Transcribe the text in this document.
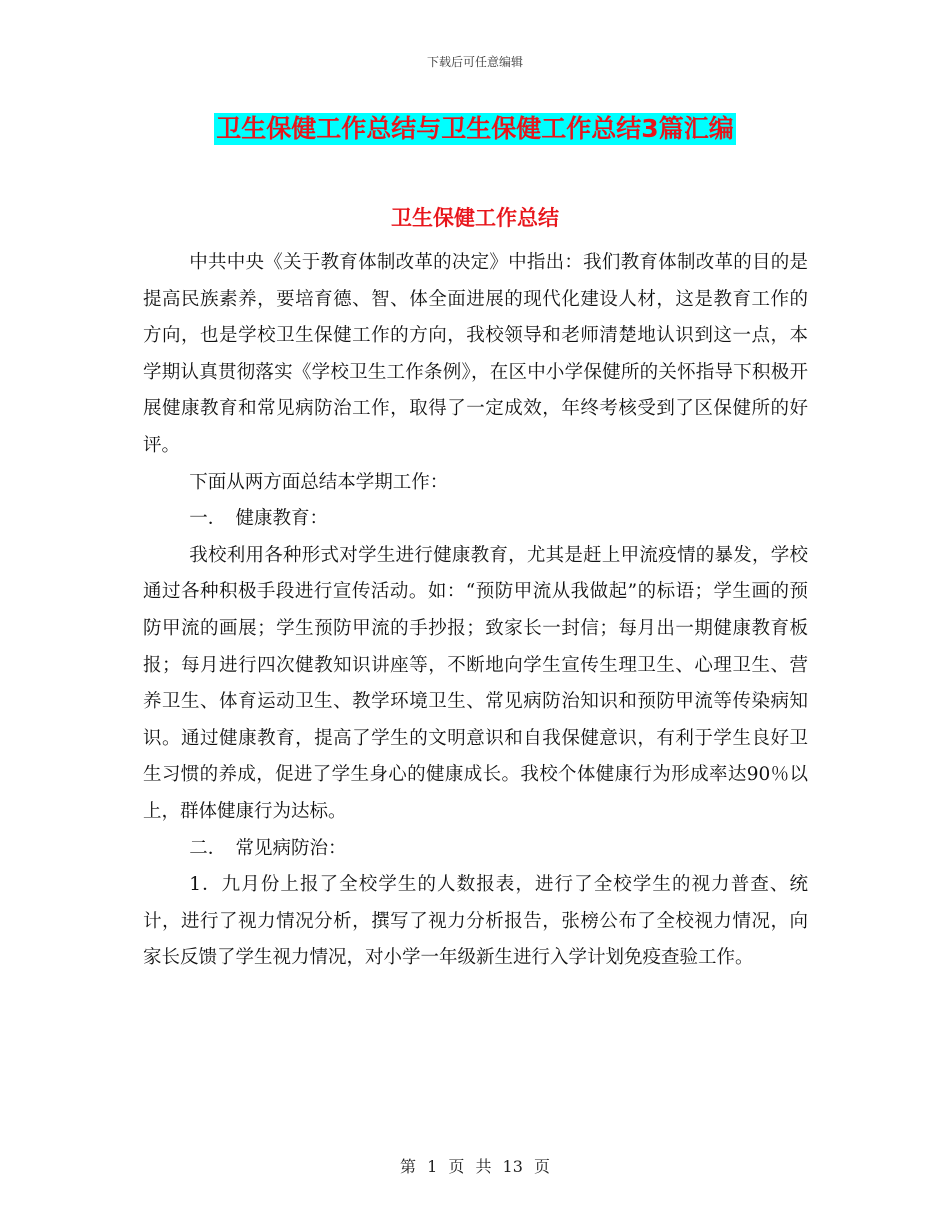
下载后可任意编辑
卫生保健工作总结与卫生保健工作总结3篇汇编
卫生保健工作总结

中共中央《关于教育体制改革的决定》中指出：我们教育体制改革的目的是提高民族素养，要培育德、智、体全面进展的现代化建设人材，这是教育工作的方向，也是学校卫生保健工作的方向，我校领导和老师清楚地认识到这一点，本学期认真贯彻落实《学校卫生工作条例》，在区中小学保健所的关怀指导下积极开展健康教育和常见病防治工作，取得了一定成效，年终考核受到了区保健所的好评。

下面从两方面总结本学期工作：

一．　健康教育：

我校利用各种形式对学生进行健康教育，尤其是赶上甲流疫情的暴发，学校通过各种积极手段进行宣传活动。如：“预防甲流从我做起”的标语；学生画的预防甲流的画展；学生预防甲流的手抄报；致家长一封信；每月出一期健康教育板报；每月进行四次健教知识讲座等，不断地向学生宣传生理卫生、心理卫生、营养卫生、体育运动卫生、教学环境卫生、常见病防治知识和预防甲流等传染病知识。通过健康教育，提高了学生的文明意识和自我保健意识，有利于学生良好卫生习惯的养成，促进了学生身心的健康成长。我校个体健康行为形成率达90％以上，群体健康行为达标。

二．　常见病防治：

1．九月份上报了全校学生的人数报表，进行了全校学生的视力普查、统计，进行了视力情况分析，撰写了视力分析报告，张榜公布了全校视力情况，向家长反馈了学生视力情况，对小学一年级新生进行入学计划免疫查验工作。

第 1 页 共 13 页
